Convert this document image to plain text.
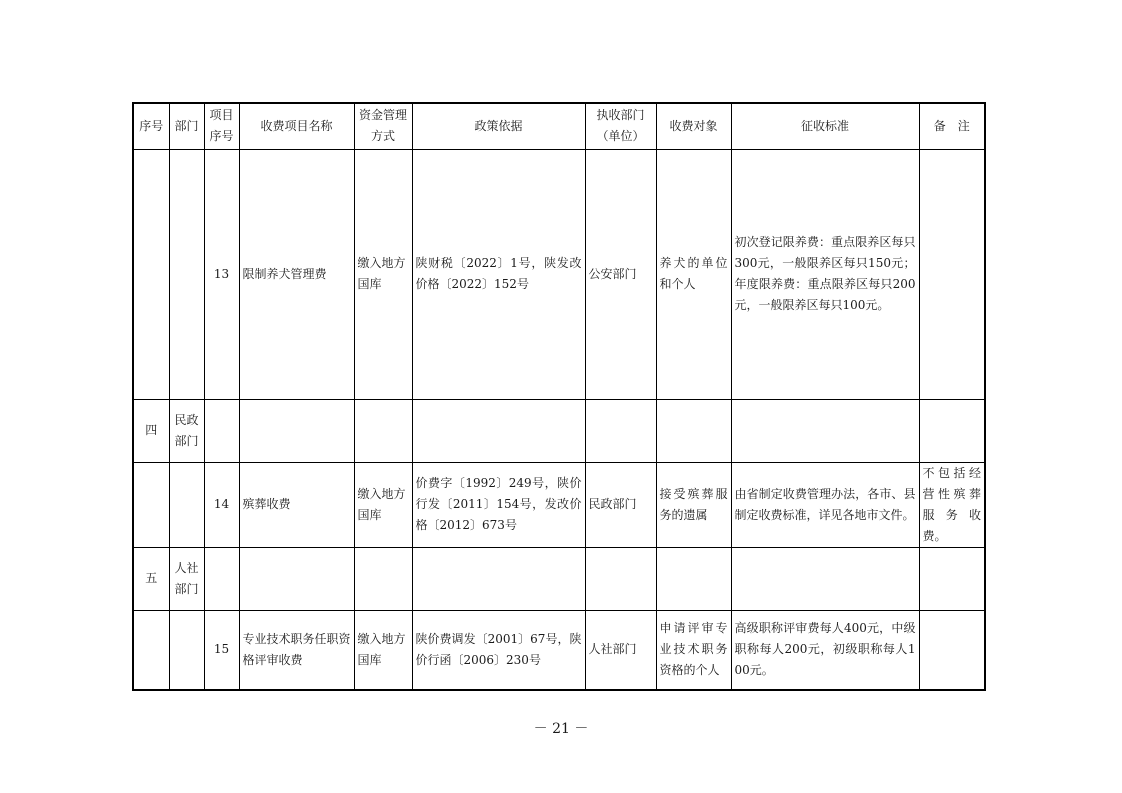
序号	部门	项目序号	收费项目名称	资金管理方式	政策依据	执收部门（单位）	收费对象	征收标准	备　注
		13	限制养犬管理费	缴入地方国库	陕财税〔2022〕1号，陕发改价格〔2022〕152号	公安部门	养犬的单位和个人	初次登记限养费：重点限养区每只300元，一般限养区每只150元；年度限养费：重点限养区每只200元，一般限养区每只100元。	
四	民政部门								
		14	殡葬收费	缴入地方国库	价费字〔1992〕249号，陕价行发〔2011〕154号，发改价格〔2012〕673号	民政部门	接受殡葬服务的遗属	由省制定收费管理办法，各市、县制定收费标准，详见各地市文件。	不包括经营性殡葬服务收费。
五	人社部门								
		15	专业技术职务任职资格评审收费	缴入地方国库	陕价费调发〔2001〕67号，陕价行函〔2006〕230号	人社部门	申请评审专业技术职务资格的个人	高级职称评审费每人400元，中级职称每人200元，初级职称每人100元。	
－ 21 －
